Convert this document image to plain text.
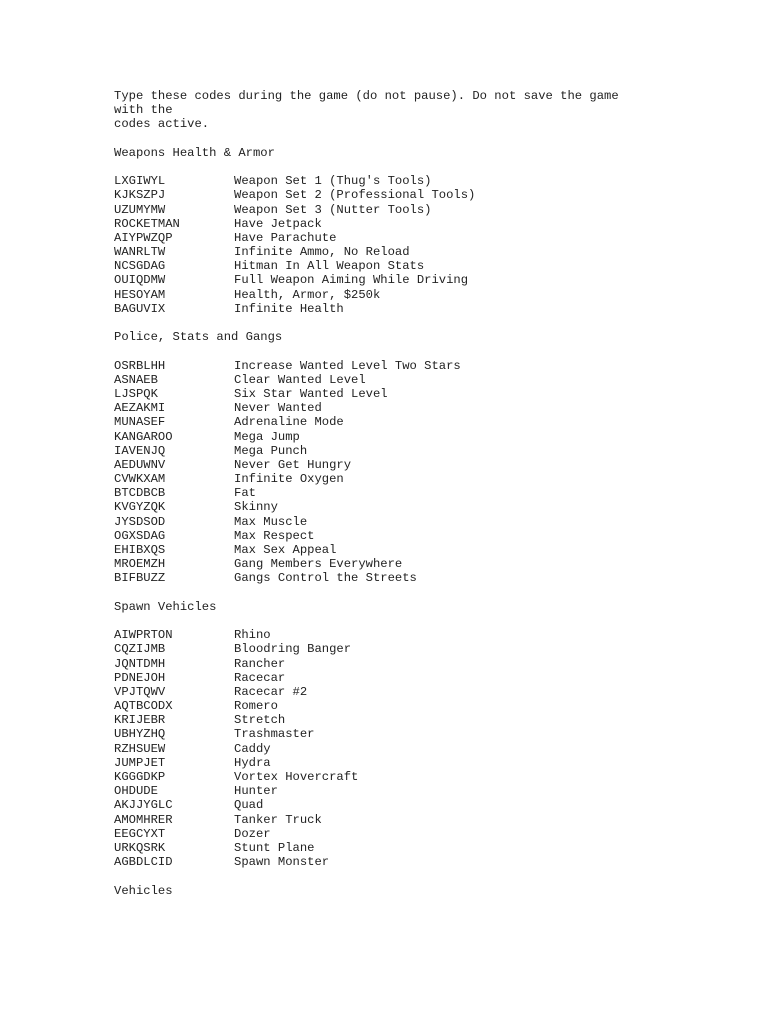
Type these codes during the game (do not pause). Do not save the game
with the
codes active.
Weapons Health & Armor
LXGIWYL	Weapon Set 1 (Thug's Tools)
KJKSZPJ	Weapon Set 2 (Professional Tools)
UZUMYMW	Weapon Set 3 (Nutter Tools)
ROCKETMAN	Have Jetpack
AIYPWZQP	Have Parachute
WANRLTW	Infinite Ammo, No Reload
NCSGDAG	Hitman In All Weapon Stats
OUIQDMW	Full Weapon Aiming While Driving
HESOYAM	Health, Armor, $250k
BAGUVIX	Infinite Health
Police, Stats and Gangs
OSRBLHH	Increase Wanted Level Two Stars
ASNAEB	Clear Wanted Level
LJSPQK	Six Star Wanted Level
AEZAKMI	Never Wanted
MUNASEF	Adrenaline Mode
KANGAROO	Mega Jump
IAVENJQ	Mega Punch
AEDUWNV	Never Get Hungry
CVWKXAM	Infinite Oxygen
BTCDBCB	Fat
KVGYZQK	Skinny
JYSDSOD	Max Muscle
OGXSDAG	Max Respect
EHIBXQS	Max Sex Appeal
MROEMZH	Gang Members Everywhere
BIFBUZZ	Gangs Control the Streets
Spawn Vehicles
AIWPRTON	Rhino
CQZIJMB	Bloodring Banger
JQNTDMH	Rancher
PDNEJOH	Racecar
VPJTQWV	Racecar #2
AQTBCODX	Romero
KRIJEBR	Stretch
UBHYZHQ	Trashmaster
RZHSUEW	Caddy
JUMPJET	Hydra
KGGGDKP	Vortex Hovercraft
OHDUDE	Hunter
AKJJYGLC	Quad
AMOMHRER	Tanker Truck
EEGCYXT	Dozer
URKQSRK	Stunt Plane
AGBDLCID	Spawn Monster
Vehicles
